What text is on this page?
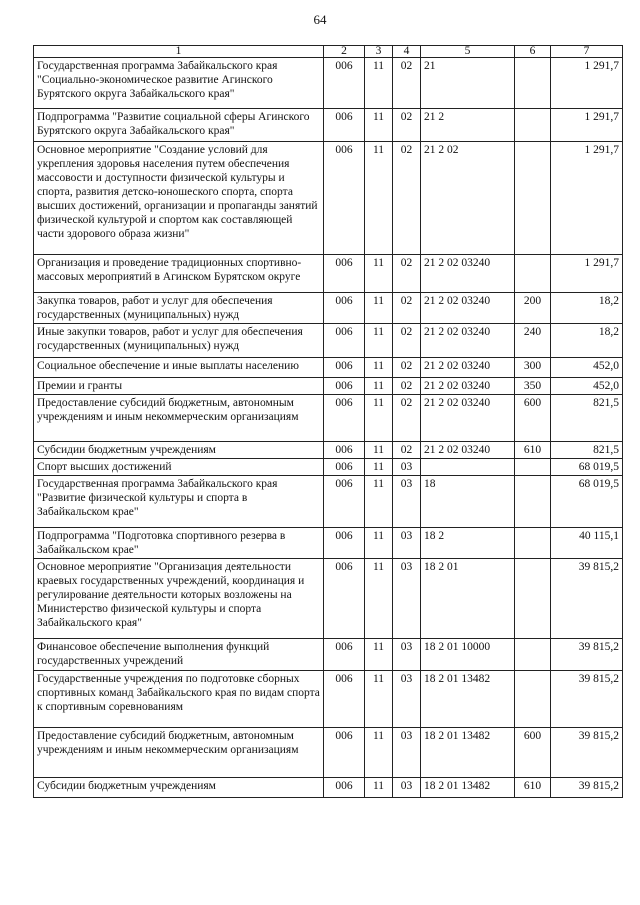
64
1	2	3	4	5	6	7
Государственная программа Забайкальского края "Социально-экономическое развитие Агинского Бурятского округа Забайкальского края"	006	11	02	21		1 291,7
Подпрограмма "Развитие социальной сферы Агинского Бурятского округа Забайкальского края"	006	11	02	21 2		1 291,7
Основное мероприятие "Создание условий для укрепления здоровья населения путем обеспечения массовости и доступности физической культуры и спорта, развития детско-юношеского спорта, спорта высших достижений, организации и пропаганды занятий физической культурой и спортом как составляющей части здорового образа жизни"	006	11	02	21 2 02		1 291,7
Организация и проведение традиционных спортивно-массовых мероприятий в Агинском Бурятском округе	006	11	02	21 2 02 03240		1 291,7
Закупка товаров, работ и услуг для обеспечения государственных (муниципальных) нужд	006	11	02	21 2 02 03240	200	18,2
Иные закупки товаров, работ и услуг для обеспечения государственных (муниципальных) нужд	006	11	02	21 2 02 03240	240	18,2
Социальное обеспечение и иные выплаты населению	006	11	02	21 2 02 03240	300	452,0
Премии и гранты	006	11	02	21 2 02 03240	350	452,0
Предоставление субсидий бюджетным, автономным учреждениям и иным некоммерческим организациям	006	11	02	21 2 02 03240	600	821,5
Субсидии бюджетным учреждениям	006	11	02	21 2 02 03240	610	821,5
Спорт высших достижений	006	11	03			68 019,5
Государственная программа Забайкальского края "Развитие физической культуры и спорта в Забайкальском крае"	006	11	03	18		68 019,5
Подпрограмма "Подготовка спортивного резерва в Забайкальском крае"	006	11	03	18 2		40 115,1
Основное мероприятие "Организация деятельности краевых государственных учреждений, координация и регулирование деятельности которых возложены на Министерство физической культуры и спорта Забайкальского края"	006	11	03	18 2 01		39 815,2
Финансовое обеспечение выполнения функций государственных учреждений	006	11	03	18 2 01 10000		39 815,2
Государственные учреждения по подготовке сборных спортивных команд Забайкальского края по видам спорта к спортивным соревнованиям	006	11	03	18 2 01 13482		39 815,2
Предоставление субсидий бюджетным, автономным учреждениям и иным некоммерческим организациям	006	11	03	18 2 01 13482	600	39 815,2
Субсидии бюджетным учреждениям	006	11	03	18 2 01 13482	610	39 815,2
